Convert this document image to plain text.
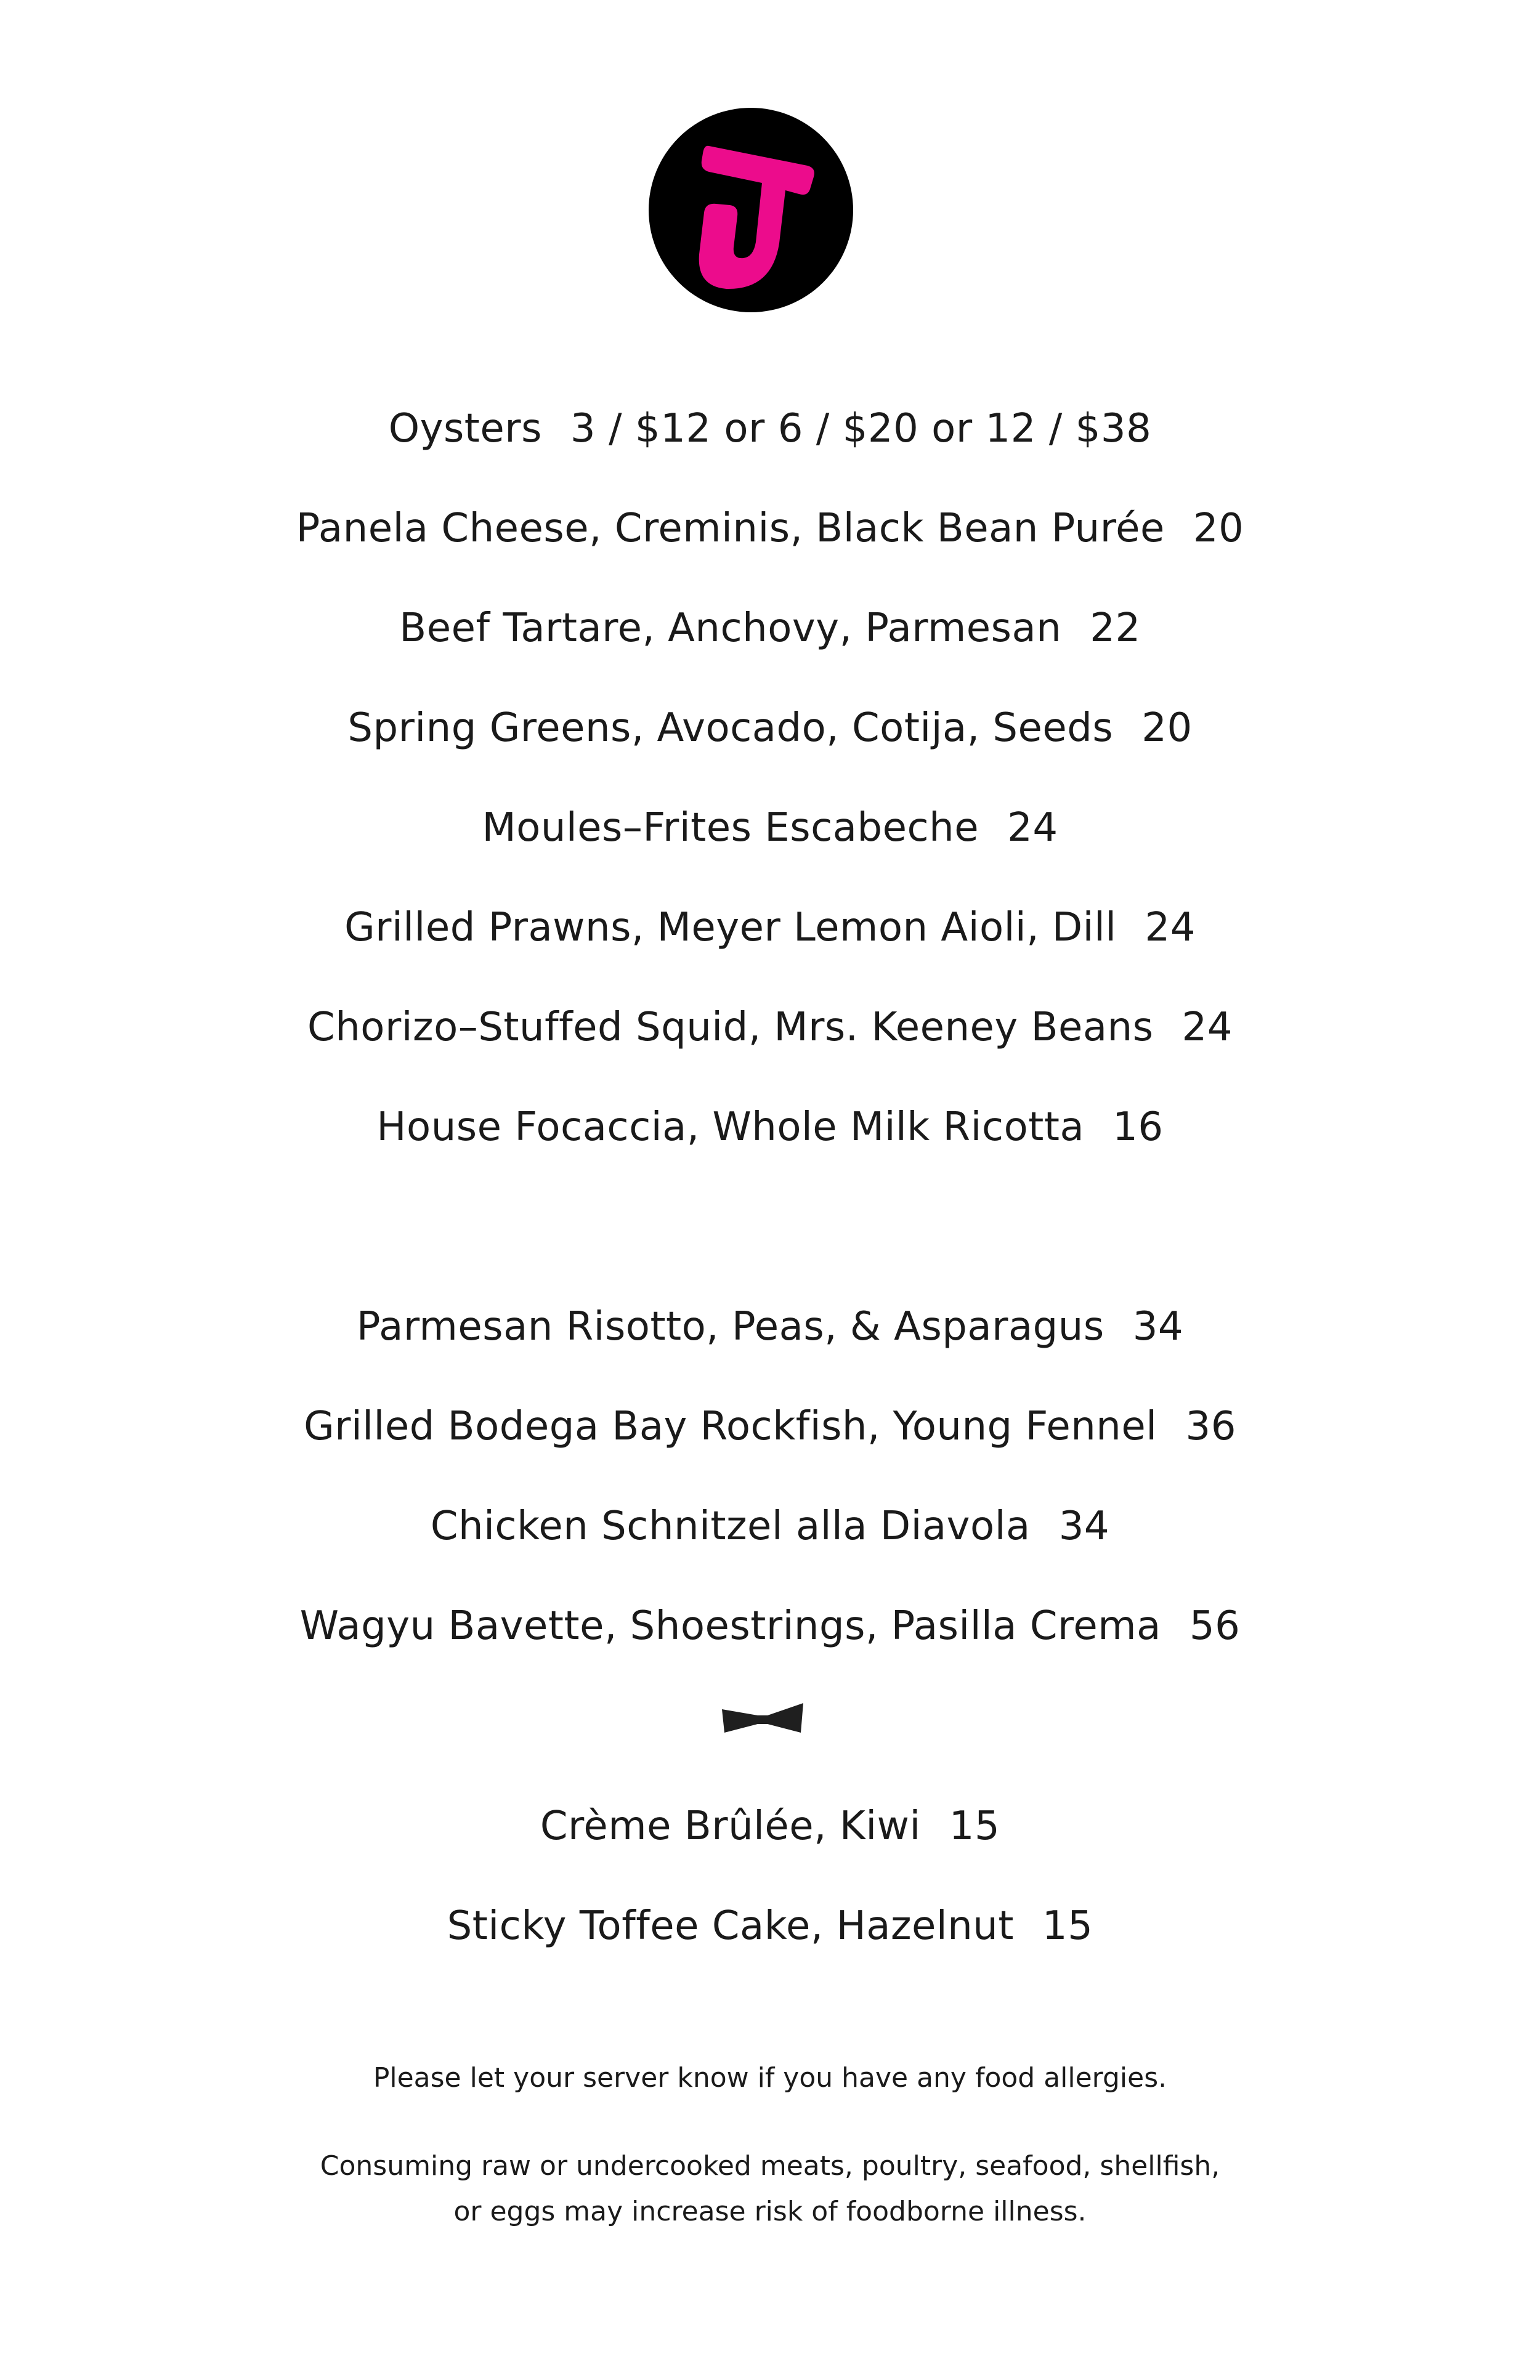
Oysters 3 / $12 or 6 / $20 or 12 / $38
Panela Cheese, Creminis, Black Bean Purée 20
Beef Tartare, Anchovy, Parmesan 22
Spring Greens, Avocado, Cotija, Seeds 20
Moules–Frites Escabeche 24
Grilled Prawns, Meyer Lemon Aioli, Dill 24
Chorizo–Stuffed Squid, Mrs. Keeney Beans 24
House Focaccia, Whole Milk Ricotta 16
Parmesan Risotto, Peas, & Asparagus 34
Grilled Bodega Bay Rockfish, Young Fennel 36
Chicken Schnitzel alla Diavola 34
Wagyu Bavette, Shoestrings, Pasilla Crema 56
Crème Brûlée, Kiwi 15
Sticky Toffee Cake, Hazelnut 15
Please let your server know if you have any food allergies.
Consuming raw or undercooked meats, poultry, seafood, shellfish,
or eggs may increase risk of foodborne illness.
